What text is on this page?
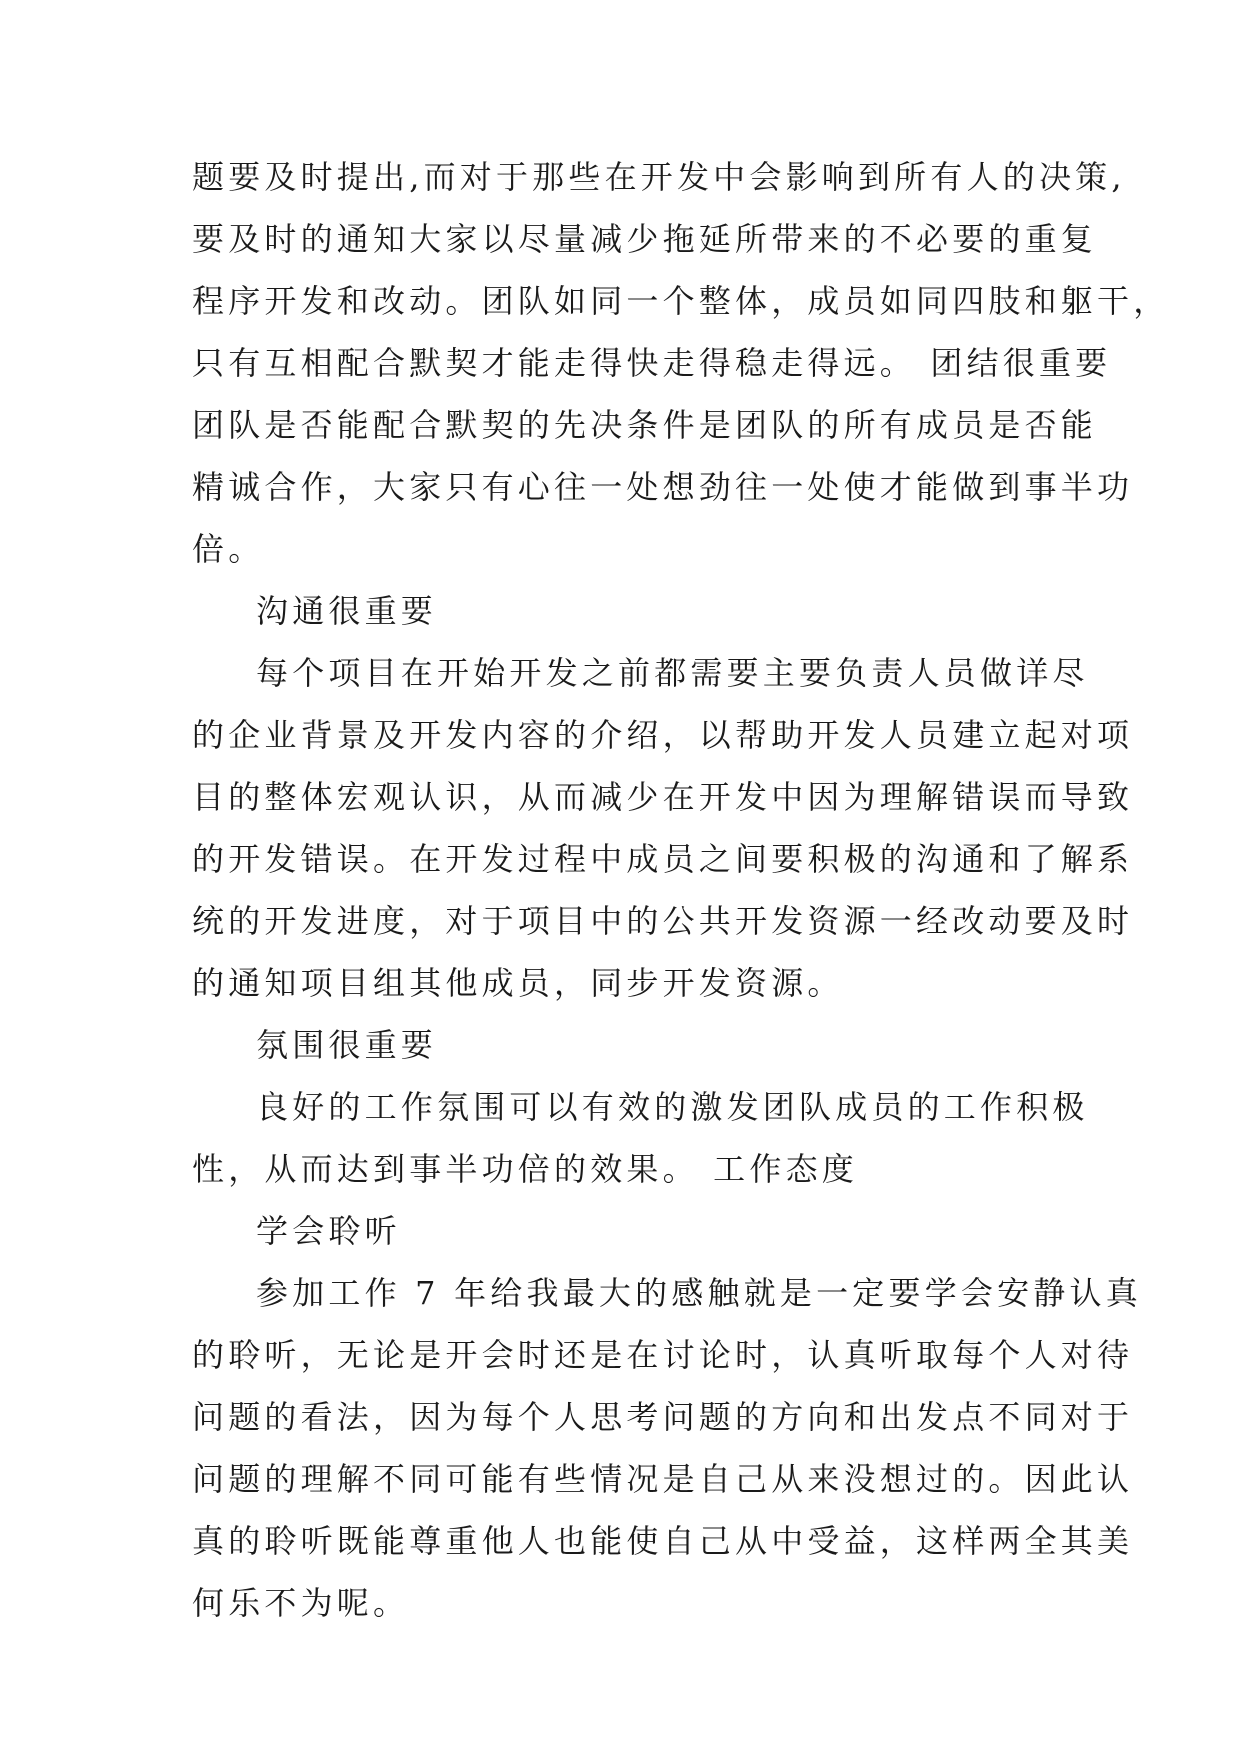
题要及时提出,而对于那些在开发中会影响到所有人的决策,
要及时的通知大家以尽量减少拖延所带来的不必要的重复
程序开发和改动。团队如同一个整体，成员如同四肢和躯干，
只有互相配合默契才能走得快走得稳走得远。 团结很重要
团队是否能配合默契的先决条件是团队的所有成员是否能
精诚合作，大家只有心往一处想劲往一处使才能做到事半功
倍。
沟通很重要
每个项目在开始开发之前都需要主要负责人员做详尽
的企业背景及开发内容的介绍，以帮助开发人员建立起对项
目的整体宏观认识，从而减少在开发中因为理解错误而导致
的开发错误。在开发过程中成员之间要积极的沟通和了解系
统的开发进度，对于项目中的公共开发资源一经改动要及时
的通知项目组其他成员，同步开发资源。
氛围很重要
良好的工作氛围可以有效的激发团队成员的工作积极
性，从而达到事半功倍的效果。 工作态度
学会聆听
参加工作 7 年给我最大的感触就是一定要学会安静认真
的聆听，无论是开会时还是在讨论时，认真听取每个人对待
问题的看法，因为每个人思考问题的方向和出发点不同对于
问题的理解不同可能有些情况是自己从来没想过的。因此认
真的聆听既能尊重他人也能使自己从中受益，这样两全其美
何乐不为呢。
